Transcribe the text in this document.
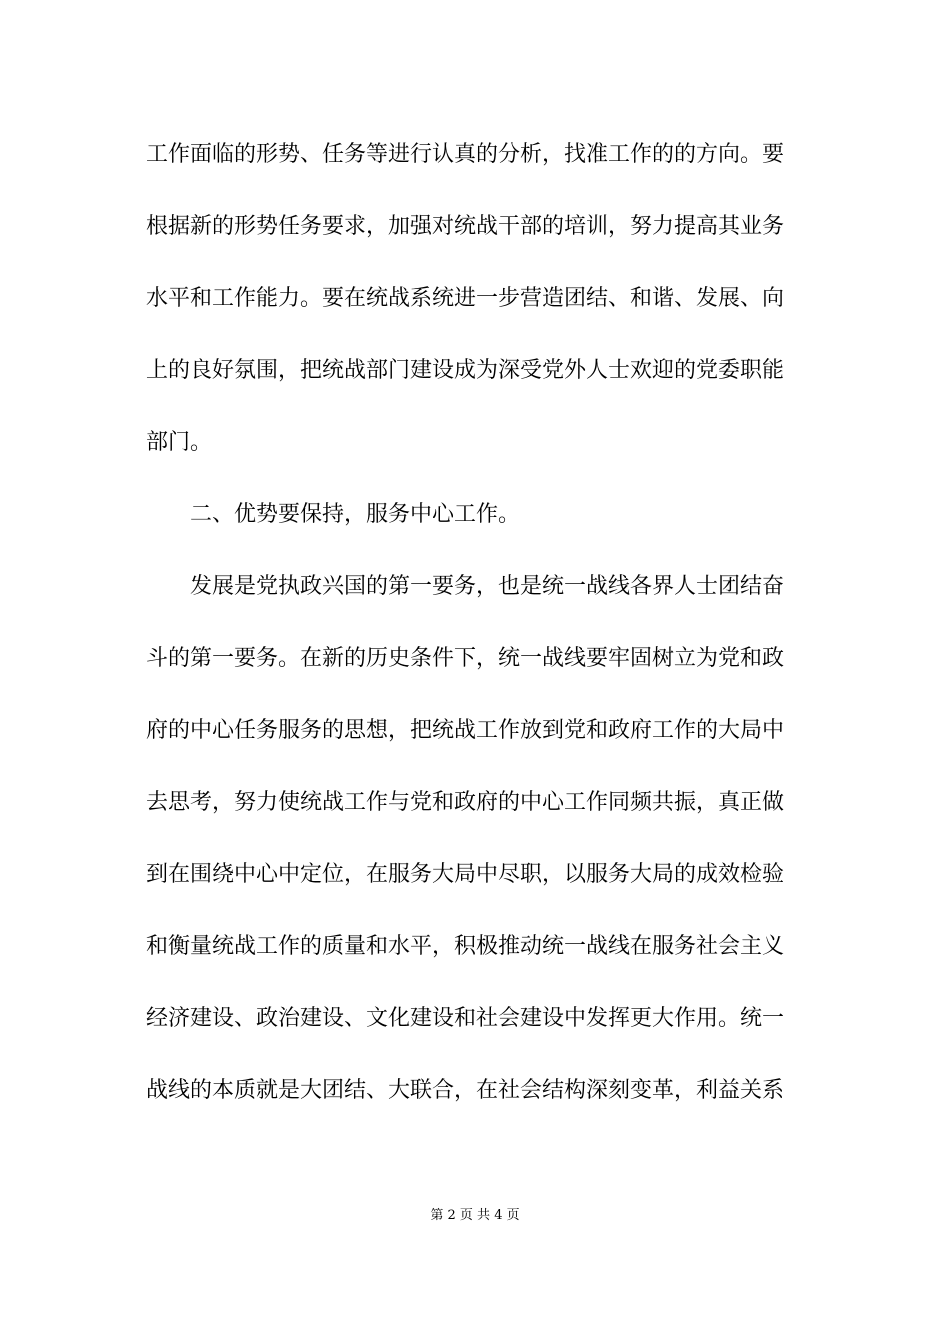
工作面临的形势、任务等进行认真的分析，找准工作的的方向。要
根据新的形势任务要求，加强对统战干部的培训，努力提高其业务
水平和工作能力。要在统战系统进一步营造团结、和谐、发展、向
上的良好氛围，把统战部门建设成为深受党外人士欢迎的党委职能
部门。
二、优势要保持，服务中心工作。
发展是党执政兴国的第一要务，也是统一战线各界人士团结奋
斗的第一要务。在新的历史条件下，统一战线要牢固树立为党和政
府的中心任务服务的思想，把统战工作放到党和政府工作的大局中
去思考，努力使统战工作与党和政府的中心工作同频共振，真正做
到在围绕中心中定位，在服务大局中尽职，以服务大局的成效检验
和衡量统战工作的质量和水平，积极推动统一战线在服务社会主义
经济建设、政治建设、文化建设和社会建设中发挥更大作用。统一
战线的本质就是大团结、大联合，在社会结构深刻变革，利益关系
第 2 页 共 4 页
